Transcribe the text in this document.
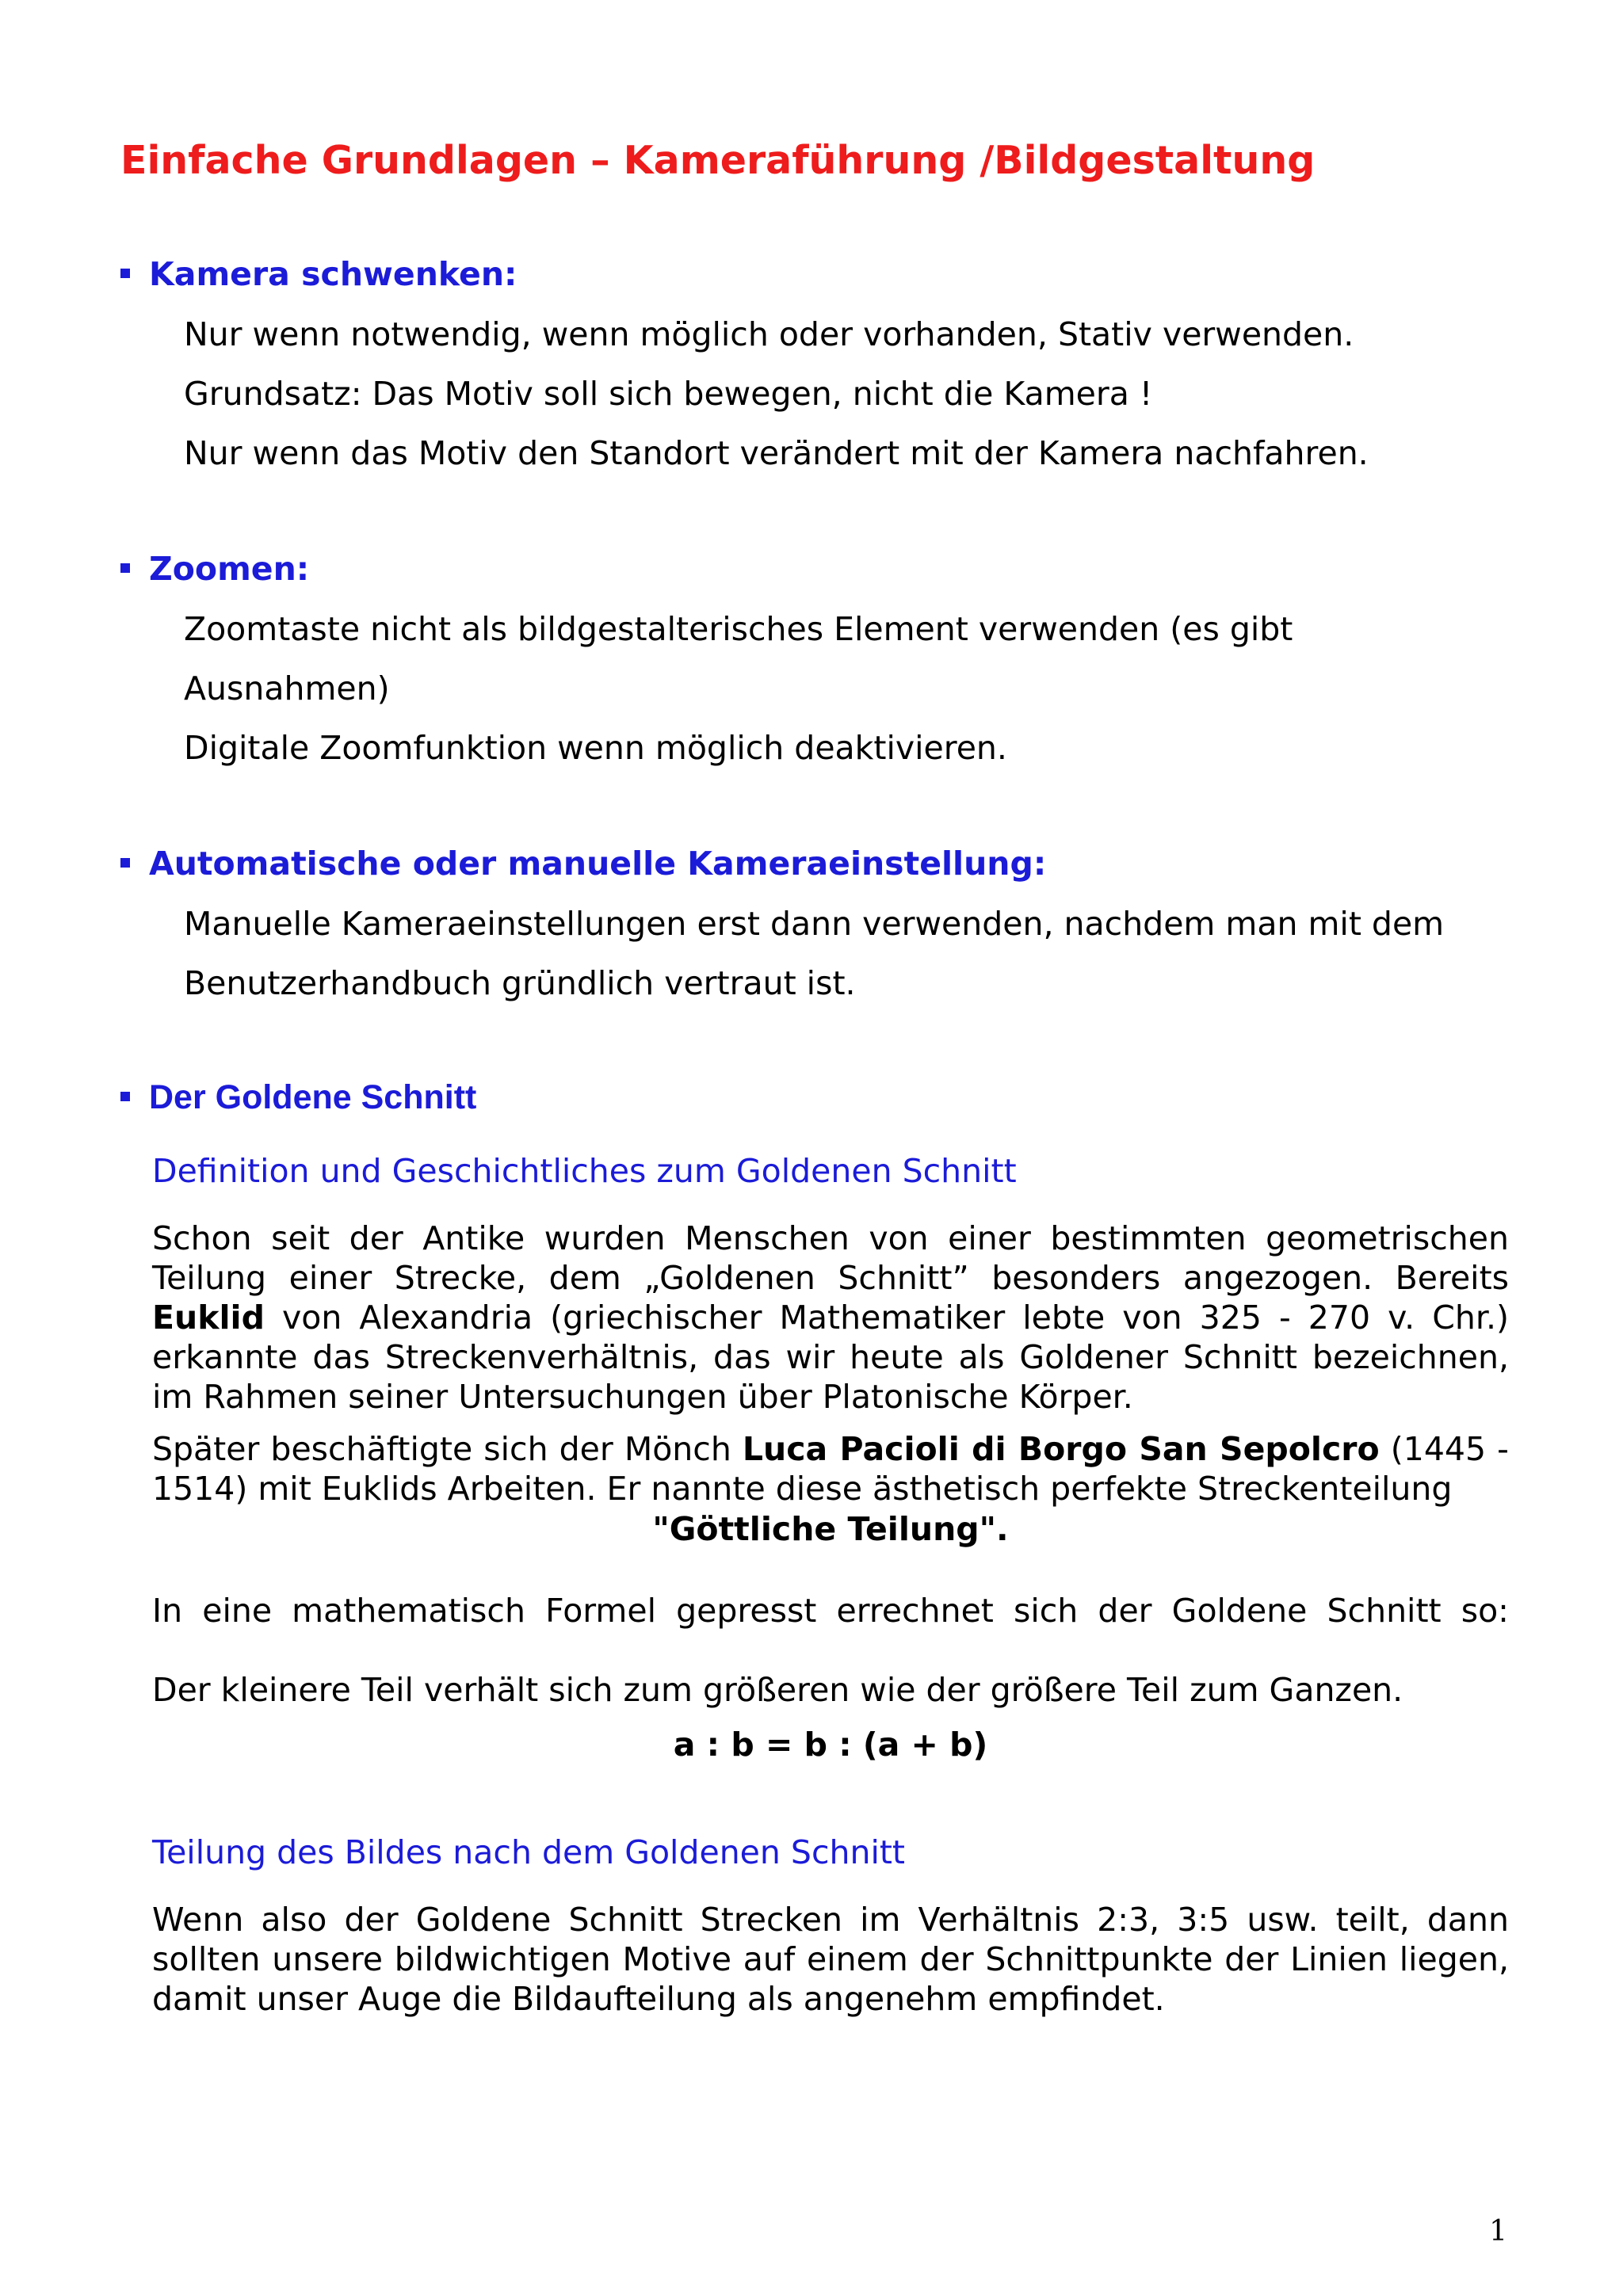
Einfache Grundlagen – Kameraführung /Bildgestaltung
Kamera schwenken:
Nur wenn notwendig, wenn möglich oder vorhanden, Stativ verwenden.
Grundsatz: Das Motiv soll sich bewegen, nicht die Kamera !
Nur wenn das Motiv den Standort verändert mit der Kamera nachfahren.
Zoomen:
Zoomtaste nicht als bildgestalterisches Element verwenden (es gibt
Ausnahmen)
Digitale Zoomfunktion wenn möglich deaktivieren.
Automatische oder manuelle Kameraeinstellung:
Manuelle Kameraeinstellungen erst dann verwenden, nachdem man mit dem
Benutzerhandbuch gründlich vertraut ist.
Der Goldene Schnitt
Definition und Geschichtliches zum Goldenen Schnitt
Schon seit der Antike wurden Menschen von einer bestimmten geometrischen Teilung einer Strecke, dem „Goldenen Schnitt” besonders angezogen. Bereits Euklid von Alexandria (griechischer Mathematiker lebte von 325 - 270 v. Chr.) erkannte das Streckenverhältnis, das wir heute als Goldener Schnitt bezeichnen, im Rahmen seiner Untersuchungen über Platonische Körper.
Später beschäftigte sich der Mönch Luca Pacioli di Borgo San Sepolcro (1445 - 1514) mit Euklids Arbeiten. Er nannte diese ästhetisch perfekte Streckenteilung
"Göttliche Teilung".
In eine mathematisch Formel gepresst errechnet sich der Goldene Schnitt so:
Der kleinere Teil verhält sich zum größeren wie der größere Teil zum Ganzen.
a : b = b : (a + b)
Teilung des Bildes nach dem Goldenen Schnitt
Wenn also der Goldene Schnitt Strecken im Verhältnis 2:3, 3:5 usw. teilt, dann sollten unsere bildwichtigen Motive auf einem der Schnittpunkte der Linien liegen, damit unser Auge die Bildaufteilung als angenehm empfindet.
1
